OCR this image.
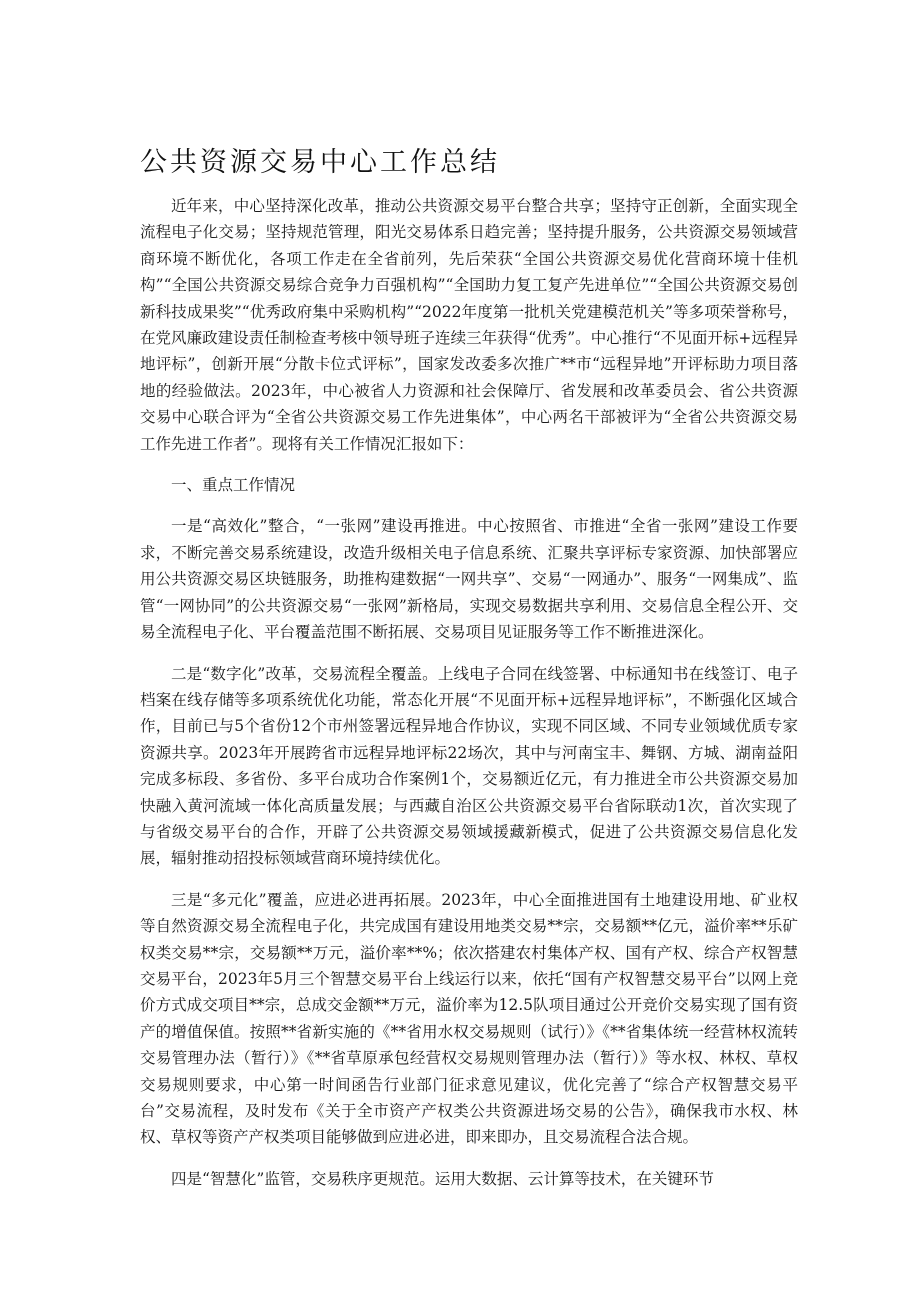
公共资源交易中心工作总结

近年来，中心坚持深化改革，推动公共资源交易平台整合共享；坚持守正创新，全面实现全流程电子化交易；坚持规范管理，阳光交易体系日趋完善；坚持提升服务，公共资源交易领域营商环境不断优化，各项工作走在全省前列，先后荣获“全国公共资源交易优化营商环境十佳机构”“全国公共资源交易综合竞争力百强机构”“全国助力复工复产先进单位”“全国公共资源交易创新科技成果奖”“优秀政府集中采购机构”“2022年度第一批机关党建模范机关”等多项荣誉称号，在党风廉政建设责任制检查考核中领导班子连续三年获得“优秀”。中心推行“不见面开标+远程异地评标”，创新开展“分散卡位式评标”，国家发改委多次推广**市“远程异地”开评标助力项目落地的经验做法。2023年，中心被省人力资源和社会保障厅、省发展和改革委员会、省公共资源交易中心联合评为“全省公共资源交易工作先进集体”，中心两名干部被评为“全省公共资源交易工作先进工作者”。现将有关工作情况汇报如下：

一、重点工作情况

一是“高效化”整合，“一张网”建设再推进。中心按照省、市推进“全省一张网”建设工作要求，不断完善交易系统建设，改造升级相关电子信息系统、汇聚共享评标专家资源、加快部署应用公共资源交易区块链服务，助推构建数据“一网共享”、交易“一网通办”、服务“一网集成”、监管“一网协同”的公共资源交易“一张网”新格局，实现交易数据共享利用、交易信息全程公开、交易全流程电子化、平台覆盖范围不断拓展、交易项目见证服务等工作不断推进深化。

二是“数字化”改革，交易流程全覆盖。上线电子合同在线签署、中标通知书在线签订、电子档案在线存储等多项系统优化功能，常态化开展“不见面开标+远程异地评标”，不断强化区域合作，目前已与5个省份12个市州签署远程异地合作协议，实现不同区域、不同专业领域优质专家资源共享。2023年开展跨省市远程异地评标22场次，其中与河南宝丰、舞钢、方城、湖南益阳完成多标段、多省份、多平台成功合作案例1个，交易额近亿元，有力推进全市公共资源交易加快融入黄河流域一体化高质量发展；与西藏自治区公共资源交易平台省际联动1次，首次实现了与省级交易平台的合作，开辟了公共资源交易领域援藏新模式，促进了公共资源交易信息化发展，辐射推动招投标领域营商环境持续优化。

三是“多元化”覆盖，应进必进再拓展。2023年，中心全面推进国有土地建设用地、矿业权等自然资源交易全流程电子化，共完成国有建设用地类交易**宗，交易额**亿元，溢价率**乐矿权类交易**宗，交易额**万元，溢价率**%；依次搭建农村集体产权、国有产权、综合产权智慧交易平台，2023年5月三个智慧交易平台上线运行以来，依托“国有产权智慧交易平台”以网上竞价方式成交项目**宗，总成交金额**万元，溢价率为12.5队项目通过公开竞价交易实现了国有资产的增值保值。按照**省新实施的《**省用水权交易规则（试行）》《**省集体统一经营林权流转交易管理办法（暂行）》《**省草原承包经营权交易规则管理办法（暂行）》等水权、林权、草权交易规则要求，中心第一时间函告行业部门征求意见建议，优化完善了“综合产权智慧交易平台”交易流程，及时发布《关于全市资产产权类公共资源进场交易的公告》，确保我市水权、林权、草权等资产产权类项目能够做到应进必进，即来即办，且交易流程合法合规。

四是“智慧化”监管，交易秩序更规范。运用大数据、云计算等技术，在关键环节
